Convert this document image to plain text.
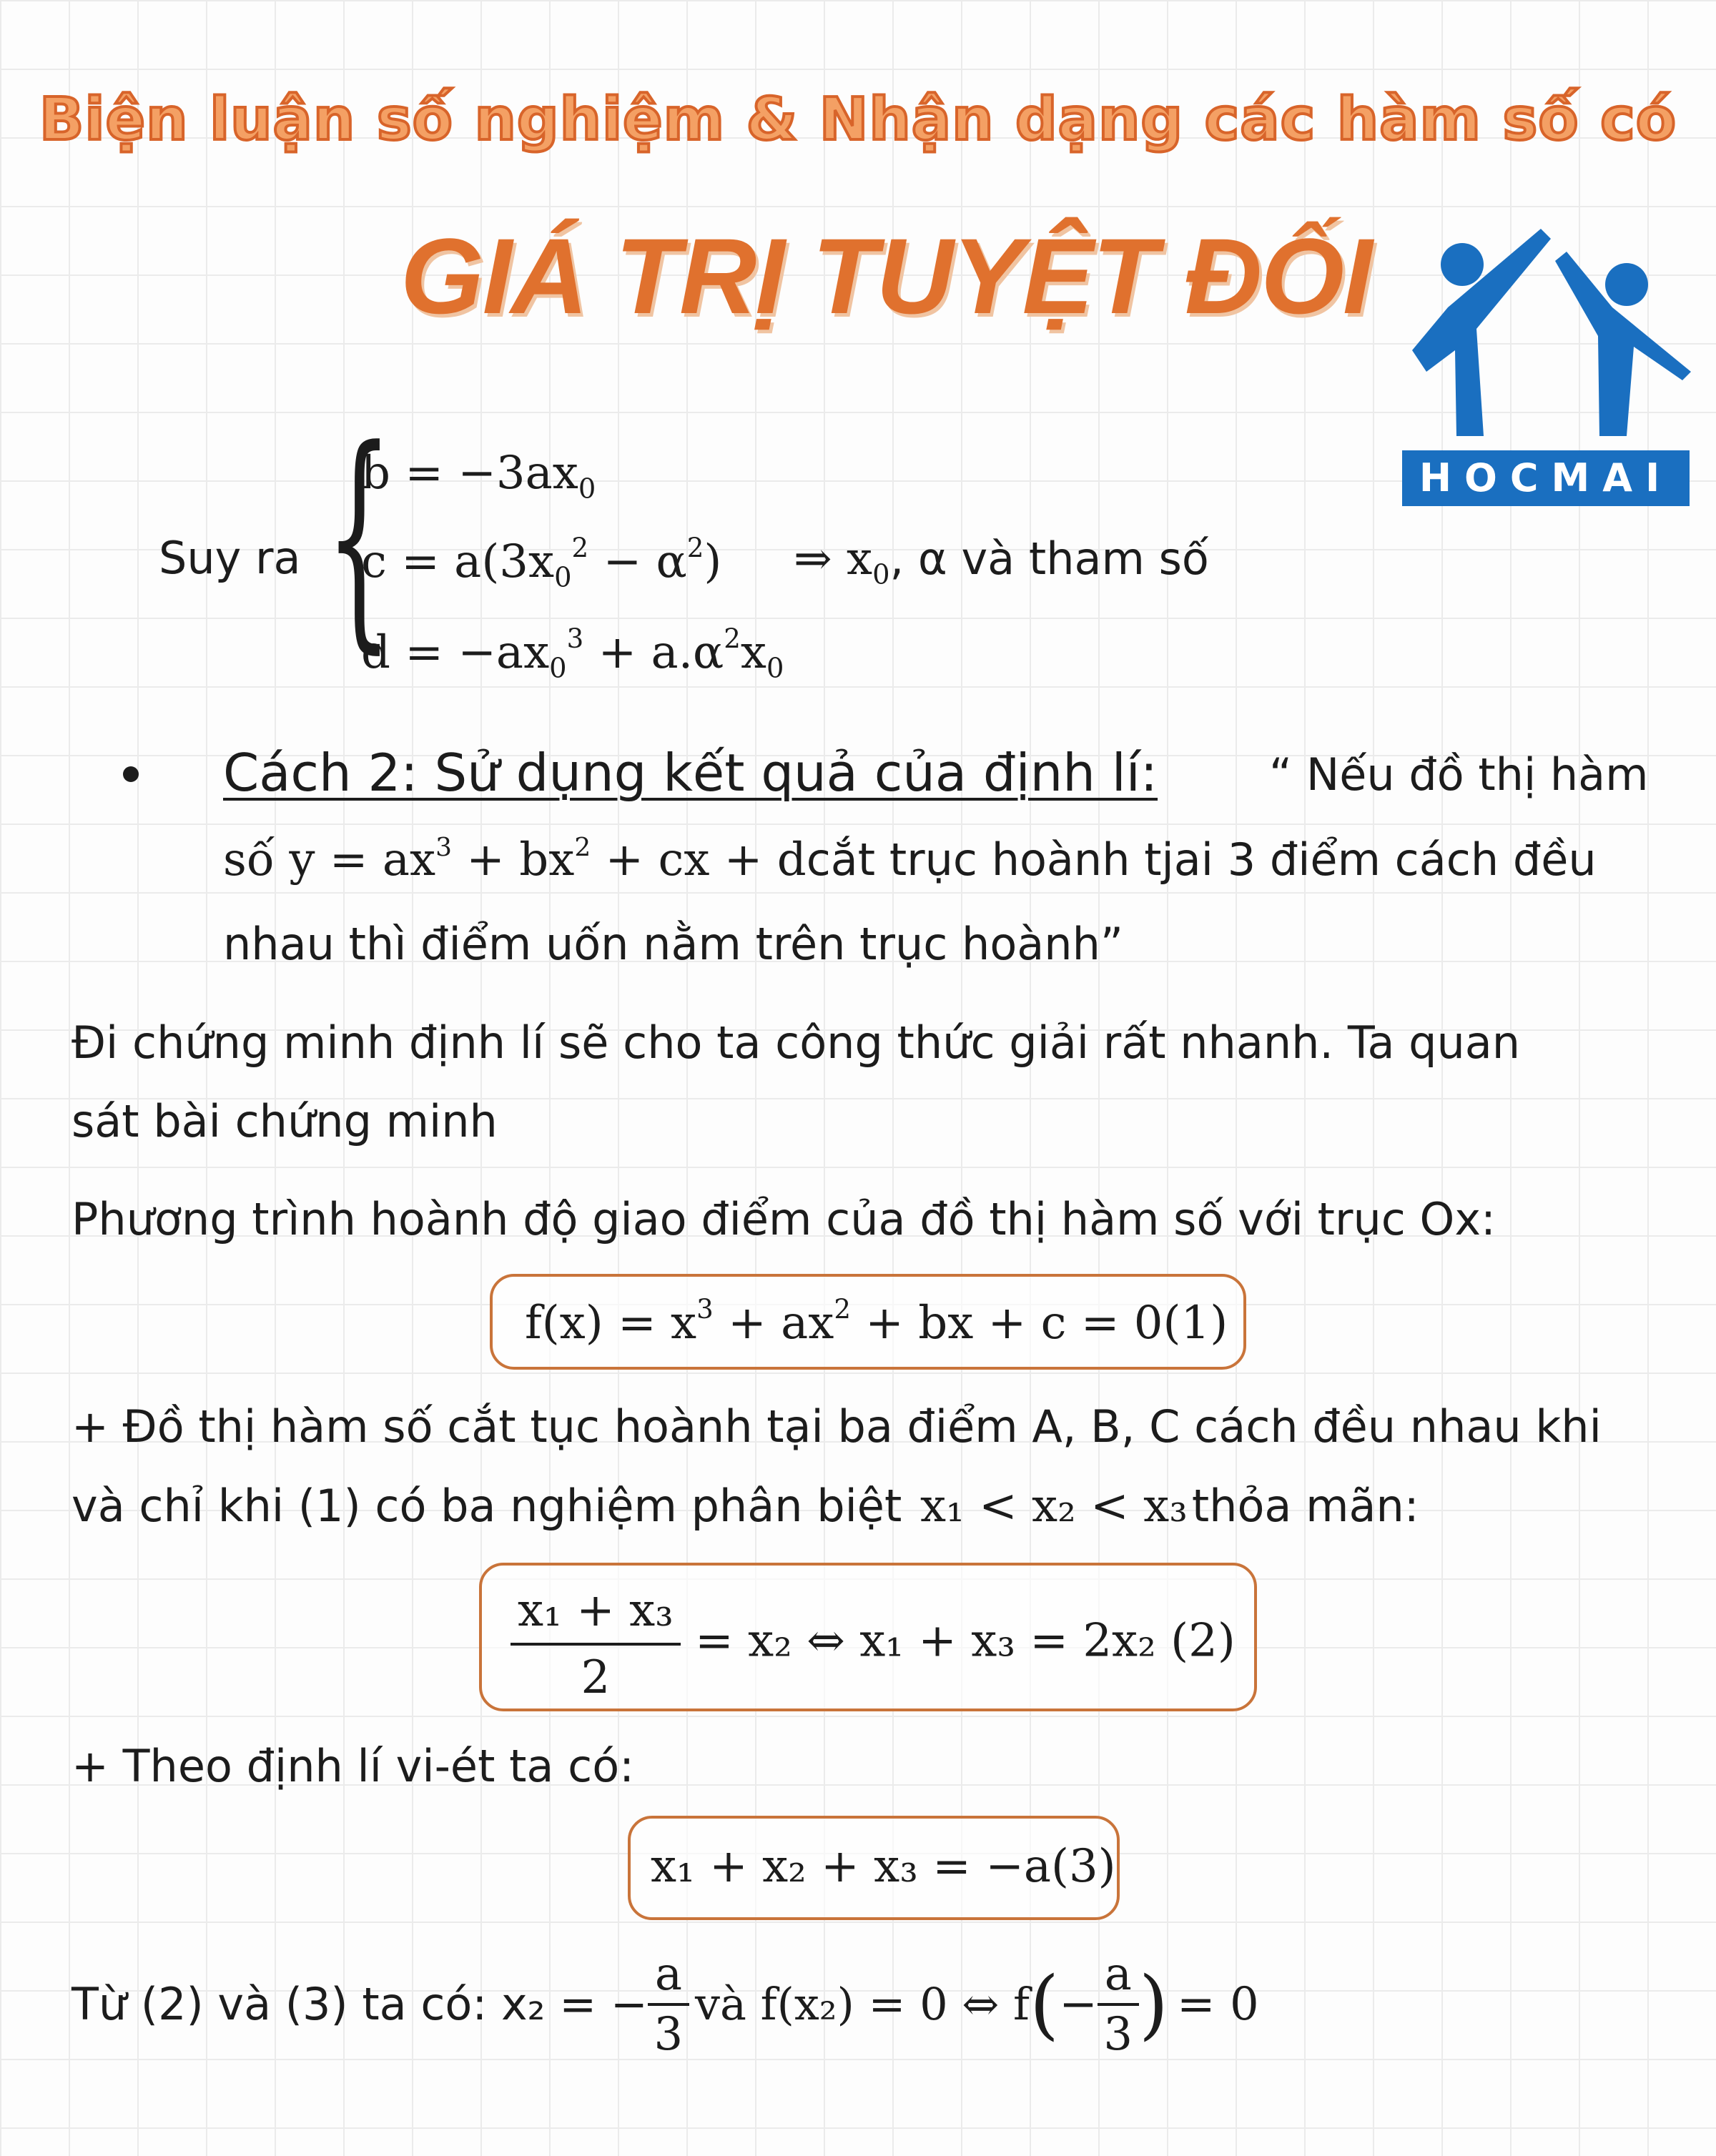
Biện luận số nghiệm & Nhận dạng các hàm số có
GIÁ TRỊ TUYỆT ĐỐI
HOCMAI
Suy ra {
$b = -3ax_0$
$c = a(3x_0^2 - \alpha^2)$
$d = -ax_0^3 + a.\alpha^2x_0$
⇒ $x_0$, α và tham số
Cách 2: Sử dụng kết quả của định lí:	“ Nếu đồ thị hàm
số $y = ax^3 + bx^2$ + cx + dcắt trục hoành tjai 3 điểm cách đều
nhau thì điểm uốn nằm trên trục hoành”
Đi chứng minh định lí sẽ cho ta công thức giải rất nhanh. Ta quan
sát bài chứng minh
Phương trình hoành độ giao điểm của đồ thị hàm số với trục Ox:
$f(x) = x^3 + ax^2$ + bx + c = 0(1)
+ Đồ thị hàm số cắt tục hoành tại ba điểm A, B, C cách đều nhau khi
và chỉ khi (1) có ba nghiệm phân biệt x₁ < x₂ < x₃thỏa mãn:
$\frac{\text{x₁ + x₃}}{2} = x_2$ ⇔ x₁ + x₃ = 2x₂ (2)
+ Theo định lí vi-ét ta có:
x₁ + x₂ + x₃ = −a(3)
Từ (2) và (3) ta có: x₂ = − $\frac{a}{3}$ và f(x₂) = 0 ⇔ f ( − $\frac{a}{3}$ ) = 0
